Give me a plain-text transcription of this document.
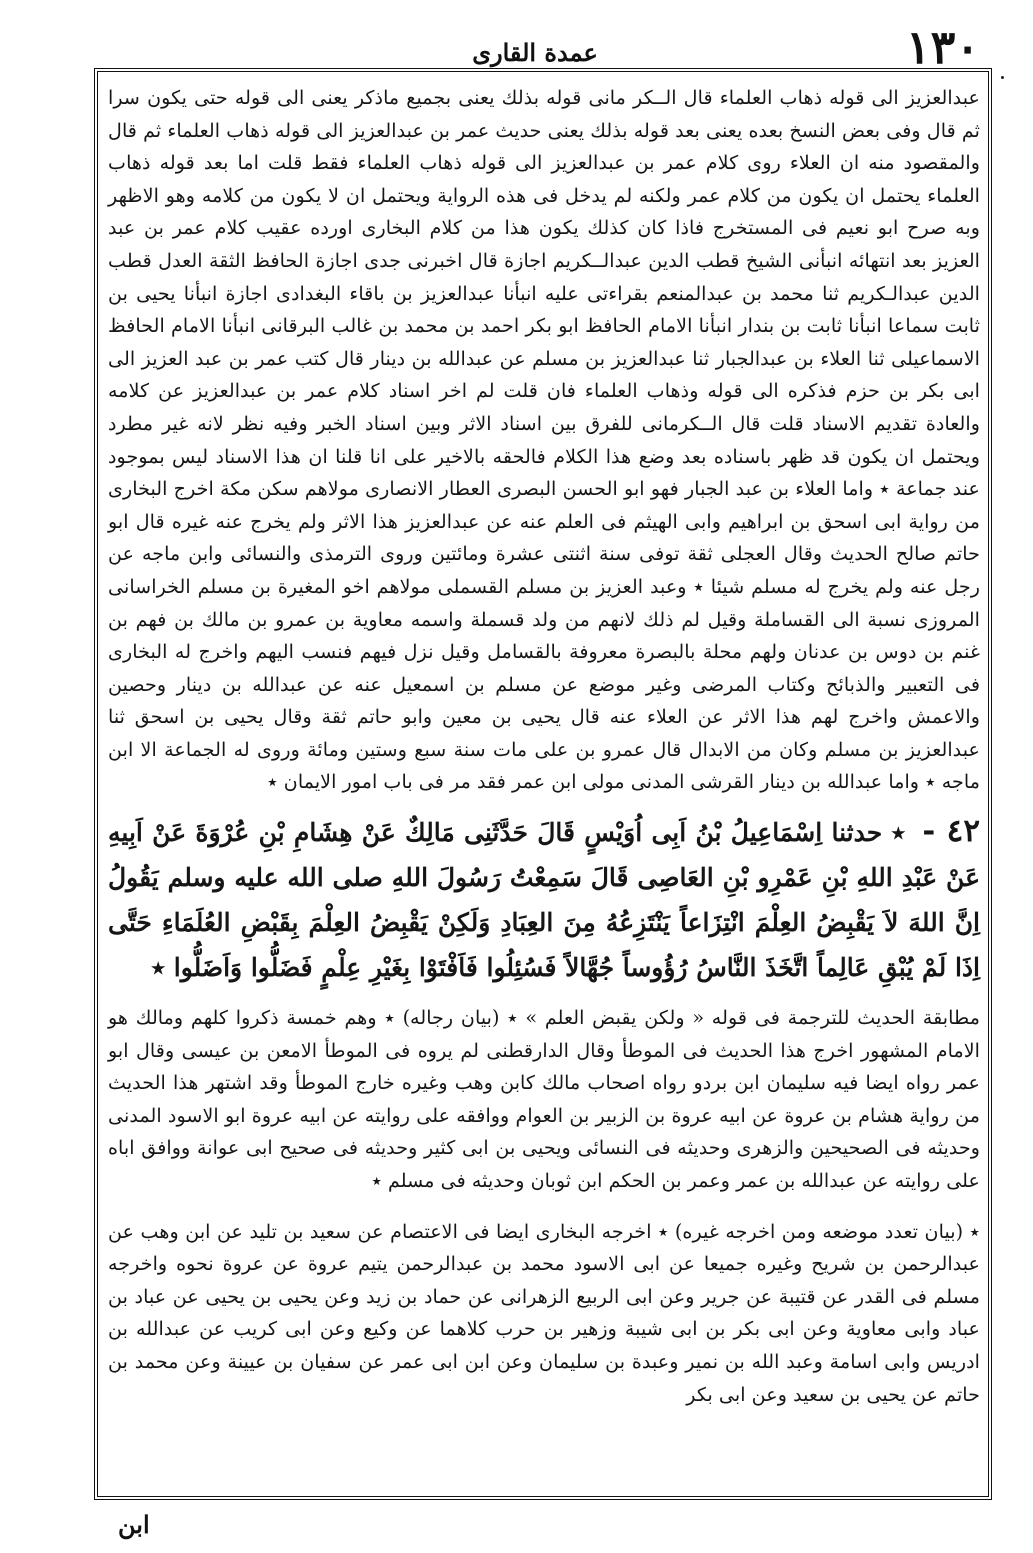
١٣٠
عمدة القاری

عبدالعزیز الی قوله ذهاب العلماء قال الــکر مانی قوله بذلك یعنی بجمیع ماذکر یعنی الی قوله حتی یکون سرا ثم قال وفی بعض النسخ بعده یعنی بعد قوله بذلك یعنی حدیث عمر بن عبدالعزیز الی قوله ذهاب العلماء ثم قال والمقصود منه ان العلاء روی کلام عمر بن عبدالعزیز الی قوله ذهاب العلماء فقط قلت اما بعد قوله ذهاب العلماء یحتمل ان یکون من کلام عمر ولکنه لم یدخل فی هذه الروایة ویحتمل ان لا یکون من کلامه وهو الاظهر وبه صرح ابو نعیم فی المستخرج فاذا کان کذلك یکون هذا من کلام البخاری اورده عقیب کلام عمر بن عبد العزیز بعد انتهائه انبأنی الشیخ قطب الدین عبدالــکریم اجازة قال اخبرنی جدی اجازة الحافظ الثقة العدل قطب الدین عبدالـکریم ثنا محمد بن عبدالمنعم بقراءتی علیه انبأنا عبدالعزیز بن باقاء البغدادی اجازة انبأنا یحیی بن ثابت سماعا انبأنا ثابت بن بندار انبأنا الامام الحافظ ابو بکر احمد بن محمد بن غالب البرقانی انبأنا الامام الحافظ الاسماعیلی ثنا العلاء بن عبدالجبار ثنا عبدالعزیز بن مسلم عن عبدالله بن دینار قال کتب عمر بن عبد العزیز الی ابی بکر بن حزم فذکره الی قوله وذهاب العلماء فان قلت لم اخر اسناد کلام عمر بن عبدالعزیز عن کلامه والعادة تقدیم الاسناد قلت قال الــکرمانی للفرق بین اسناد الاثر وبین اسناد الخبر وفیه نظر لانه غیر مطرد ویحتمل ان یکون قد ظهر باسناده بعد وضع هذا الکلام فالحقه بالاخیر علی انا قلنا ان هذا الاسناد لیس بموجود عند جماعة ٭ واما العلاء بن عبد الجبار فهو ابو الحسن البصری العطار الانصاری مولاهم سکن مکة اخرج البخاری من روایة ابی اسحق بن ابراهیم وابی الهیثم فی العلم عنه عن عبدالعزیز هذا الاثر ولم یخرج عنه غیره قال ابو حاتم صالح الحدیث وقال العجلی ثقة توفی سنة اثنتی عشرة ومائتین وروی الترمذی والنسائی وابن ماجه عن رجل عنه ولم یخرج له مسلم شیئا ٭ وعبد العزیز بن مسلم القسملی مولاهم اخو المغیرة بن مسلم الخراسانی المروزی نسبة الی القساملة وقیل لم ذلك لانهم من ولد قسملة واسمه معاویة بن عمرو بن مالك بن فهم بن غنم بن دوس بن عدنان ولهم محلة بالبصرة معروفة بالقسامل وقیل نزل فیهم فنسب الیهم واخرج له البخاری فی التعبیر والذبائح وکتاب المرضی وغیر موضع عن مسلم بن اسمعیل عنه عن عبدالله بن دینار وحصین والاعمش واخرج لهم هذا الاثر عن العلاء عنه قال یحیی بن معین وابو حاتم ثقة وقال یحیی بن اسحق ثنا عبدالعزیز بن مسلم وکان من الابدال قال عمرو بن علی مات سنة سبع وستین ومائة وروی له الجماعة الا ابن ماجه ٭ واما عبدالله بن دینار القرشی المدنی مولی ابن عمر فقد مر فی باب امور الایمان ٭

٤٢ - ٭ حدثنا اِسْمَاعِیلُ بْنُ اَبِی اُوَیْسٍ قَالَ حَدَّثَنِی مَالِكٌ عَنْ هِشَامِ بْنِ عُرْوَةَ عَنْ اَبِیهِ عَنْ عَبْدِ اللهِ بْنِ عَمْرِو بْنِ العَاصِی قَالَ سَمِعْتُ رَسُولَ اللهِ صلی الله علیه وسلم یَقُولُ اِنَّ اللهَ لاَ یَقْبِضُ العِلْمَ انْتِزَاعاً یَنْتَزِعُهُ مِنَ العِبَادِ وَلَکِنْ یَقْبِضُ العِلْمَ بِقَبْضِ العُلَمَاءِ حَتَّی اِذَا لَمْ یُبْقِ عَالِماً اتَّخَذَ النَّاسُ رُؤُوساً جُهَّالاً فَسُئِلُوا فَاَفْتَوْا بِغَیْرِ عِلْمٍ فَضَلُّوا وَاَضَلُّوا ٭

مطابقة الحدیث للترجمة فی قوله « ولکن یقبض العلم » ٭ (بیان رجاله) ٭ وهم خمسة ذکروا کلهم ومالك هو الامام المشهور اخرج هذا الحدیث فی الموطأ وقال الدارقطنی لم یروه فی الموطأ الامعن بن عیسی وقال ابو عمر رواه ایضا فیه سلیمان ابن بردو رواه اصحاب مالك کابن وهب وغیره خارج الموطأ وقد اشتهر هذا الحدیث من روایة هشام بن عروة عن ابیه عروة بن الزبیر بن العوام ووافقه علی روایته عن ابیه عروة ابو الاسود المدنی وحدیثه فی الصحیحین والزهری وحدیثه فی النسائی ویحیی بن ابی کثیر وحدیثه فی صحیح ابی عوانة ووافق اباه علی روایته عن عبدالله بن عمر وعمر بن الحکم ابن ثوبان وحدیثه فی مسلم ٭

٭ (بیان تعدد موضعه ومن اخرجه غیره) ٭ اخرجه البخاری ایضا فی الاعتصام عن سعید بن تلید عن ابن وهب عن عبدالرحمن بن شریح وغیره جمیعا عن ابی الاسود محمد بن عبدالرحمن یتیم عروة عن عروة نحوه واخرجه مسلم فی القدر عن قتیبة عن جریر وعن ابی الربیع الزهرانی عن حماد بن زید وعن یحیی بن یحیی عن عباد بن عباد وابی معاویة وعن ابی بکر بن ابی شیبة وزهیر بن حرب کلاهما عن وکیع وعن ابی کریب عن عبدالله بن ادریس وابی اسامة وعبد الله بن نمیر وعبدة بن سلیمان وعن ابن ابی عمر عن سفیان بن عیینة وعن محمد بن حاتم عن یحیی بن سعید وعن ابی بکر

ابن
